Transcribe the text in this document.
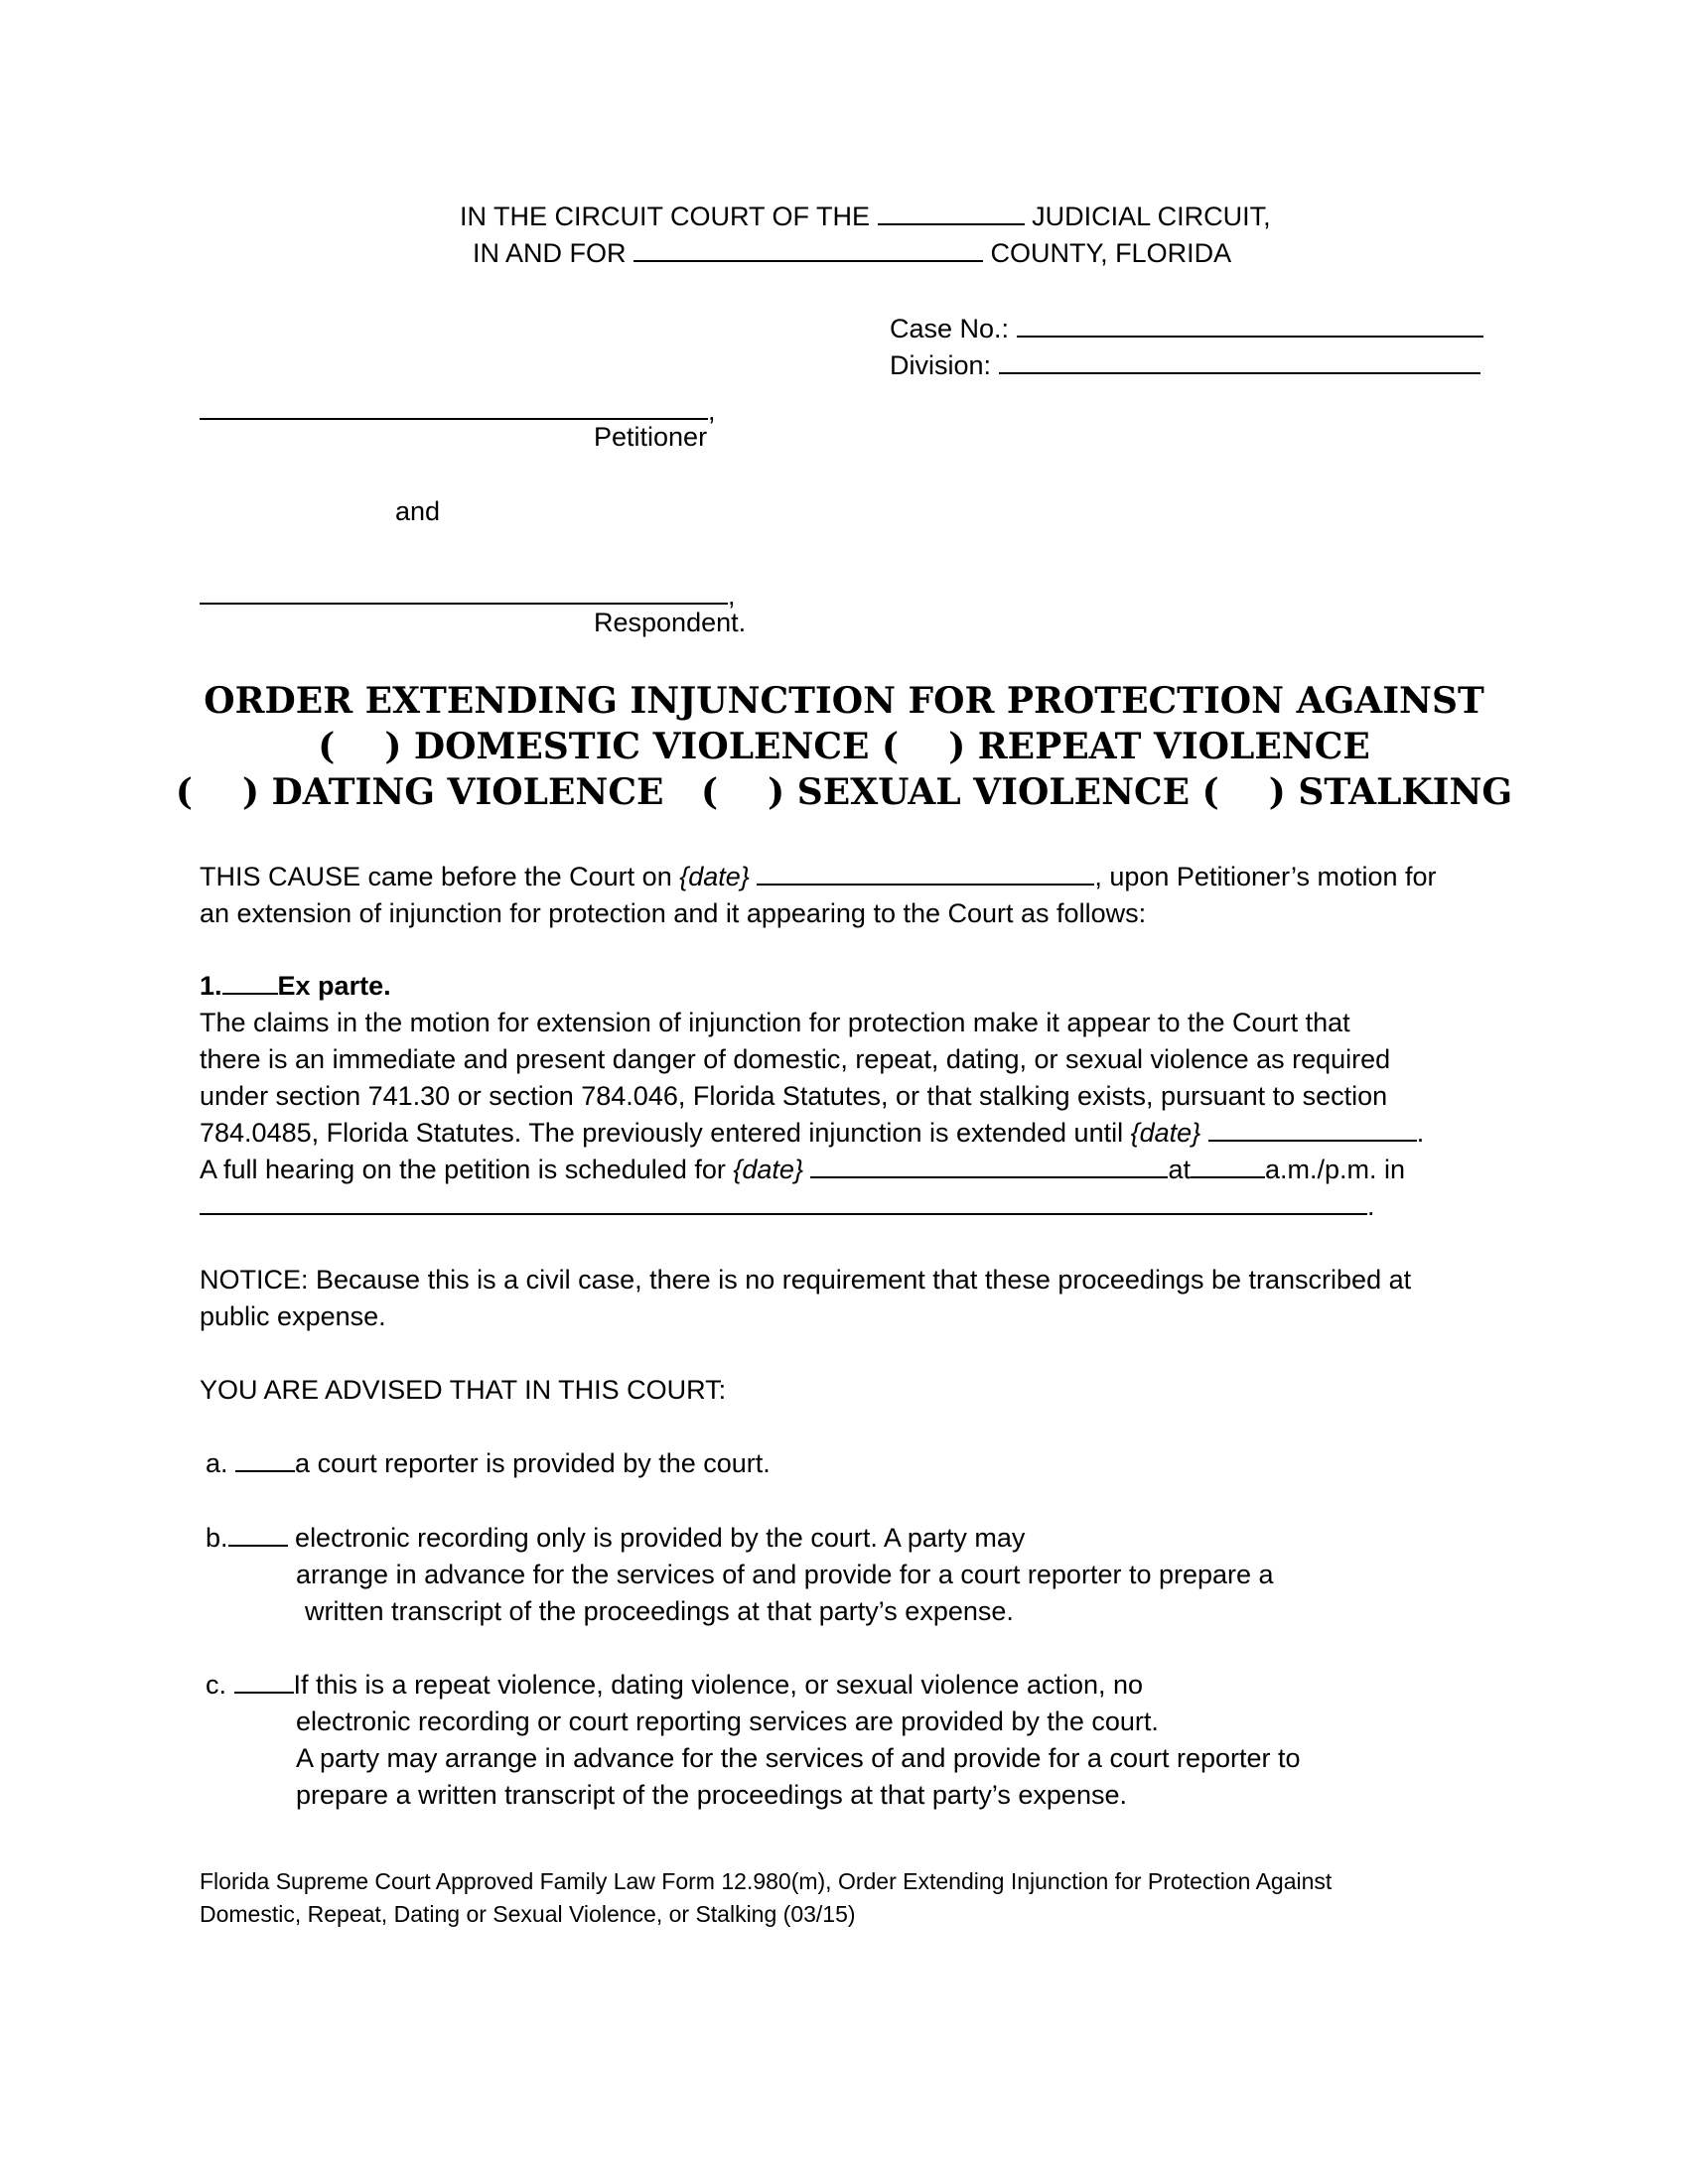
IN THE CIRCUIT COURT OF THE	JUDICIAL CIRCUIT,
IN AND FOR	COUNTY, FLORIDA
Case No.:
Division:
,
Petitioner
and
,
Respondent.
ORDER EXTENDING INJUNCTION FOR PROTECTION AGAINST
(    ) DOMESTIC VIOLENCE (    ) REPEAT VIOLENCE
(    ) DATING VIOLENCE   (    ) SEXUAL VIOLENCE (    ) STALKING
THIS CAUSE came before the Court on {date}	, upon Petitioner’s motion for
an extension of injunction for protection and it appearing to the Court as follows:
1. Ex parte.
The claims in the motion for extension of injunction for protection make it appear to the Court that
there is an immediate and present danger of domestic, repeat, dating, or sexual violence as required
under section 741.30 or section 784.046, Florida Statutes, or that stalking exists, pursuant to section
784.0485, Florida Statutes. The previously entered injunction is extended until {date}	.
A full hearing on the petition is scheduled for {date}	at	a.m./p.m. in
.
NOTICE: Because this is a civil case, there is no requirement that these proceedings be transcribed at
public expense.
YOU ARE ADVISED THAT IN THIS COURT:
a.	a court reporter is provided by the court.
b.	electronic recording only is provided by the court. A party may
arrange in advance for the services of and provide for a court reporter to prepare a
written transcript of the proceedings at that party’s expense.
c.	If this is a repeat violence, dating violence, or sexual violence action, no
electronic recording or court reporting services are provided by the court.
A party may arrange in advance for the services of and provide for a court reporter to
prepare a written transcript of the proceedings at that party’s expense.
Florida Supreme Court Approved Family Law Form 12.980(m), Order Extending Injunction for Protection Against
Domestic, Repeat, Dating or Sexual Violence, or Stalking (03/15)
